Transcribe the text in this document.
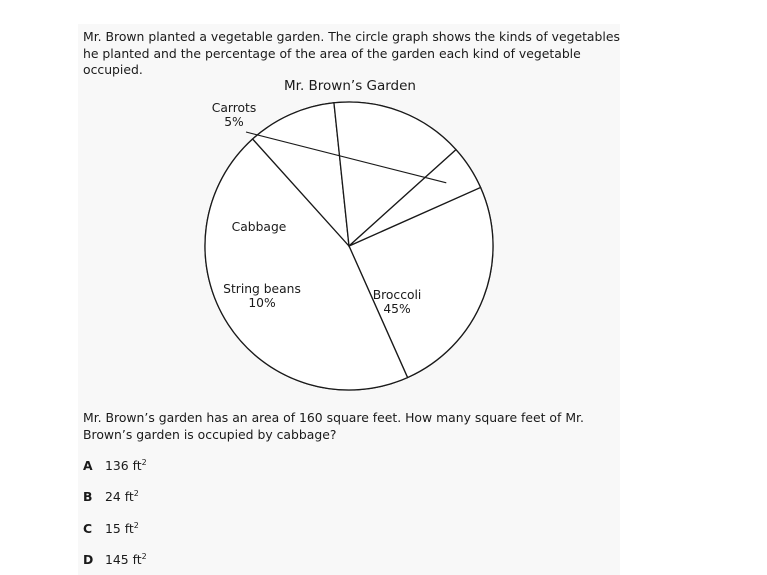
Mr. Brown planted a vegetable garden. The circle graph shows the kinds of vegetables he planted and the percentage of the area of the garden each kind of vegetable occupied.

Mr. Brown’s Garden

Broccoli
45%
String beans
10%
Cabbage
Carrots
5%

Mr. Brown’s garden has an area of 160 square feet. How many square feet of Mr. Brown’s garden is occupied by cabbage?

A 136 $ft^2$
B 24 $ft^2$
C 15 $ft^2$
D 145 $ft^2$
